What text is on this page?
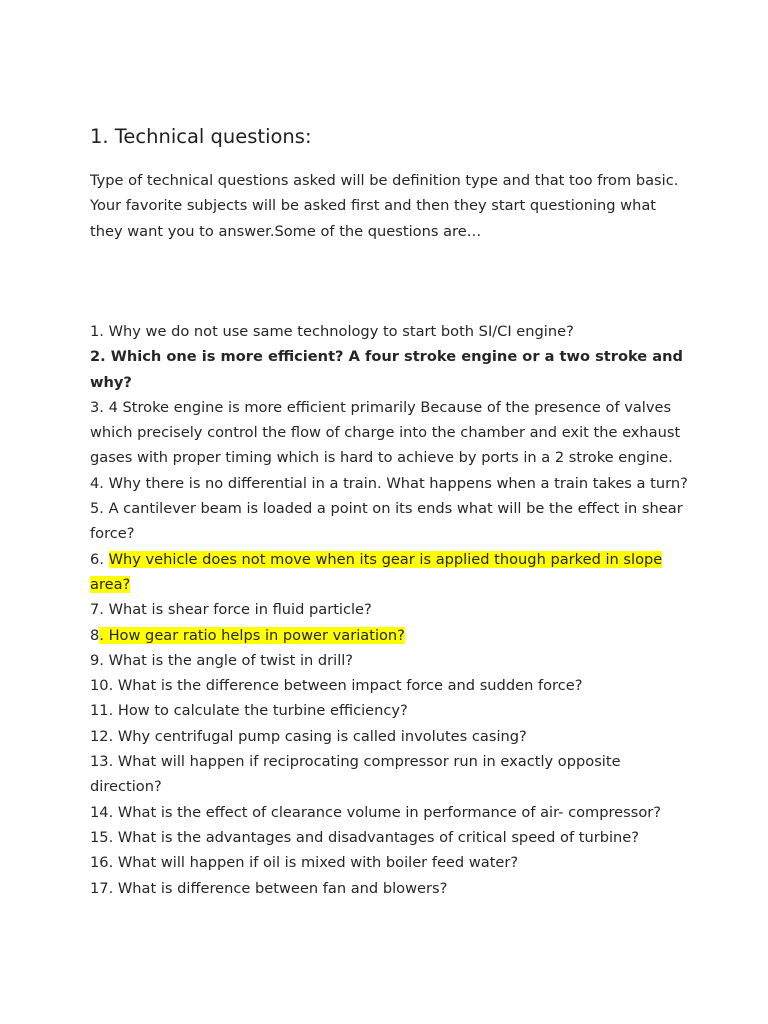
1. Technical questions:

Type of technical questions asked will be definition type and that too from basic. Your favorite subjects will be asked first and then they start questioning what they want you to answer.Some of the questions are…

1. Why we do not use same technology to start both SI/CI engine?
2. Which one is more efficient? A four stroke engine or a two stroke and why?
3. 4 Stroke engine is more efficient primarily Because of the presence of valves which precisely control the flow of charge into the chamber and exit the exhaust gases with proper timing which is hard to achieve by ports in a 2 stroke engine.
4. Why there is no differential in a train. What happens when a train takes a turn?
5. A cantilever beam is loaded a point on its ends what will be the effect in shear force?
6. Why vehicle does not move when its gear is applied though parked in slope area?
7. What is shear force in fluid particle?
8. How gear ratio helps in power variation?
9. What is the angle of twist in drill?
10. What is the difference between impact force and sudden force?
11. How to calculate the turbine efficiency?
12. Why centrifugal pump casing is called involutes casing?
13. What will happen if reciprocating compressor run in exactly opposite direction?
14. What is the effect of clearance volume in performance of air- compressor?
15. What is the advantages and disadvantages of critical speed of turbine?
16. What will happen if oil is mixed with boiler feed water?
17. What is difference between fan and blowers?
